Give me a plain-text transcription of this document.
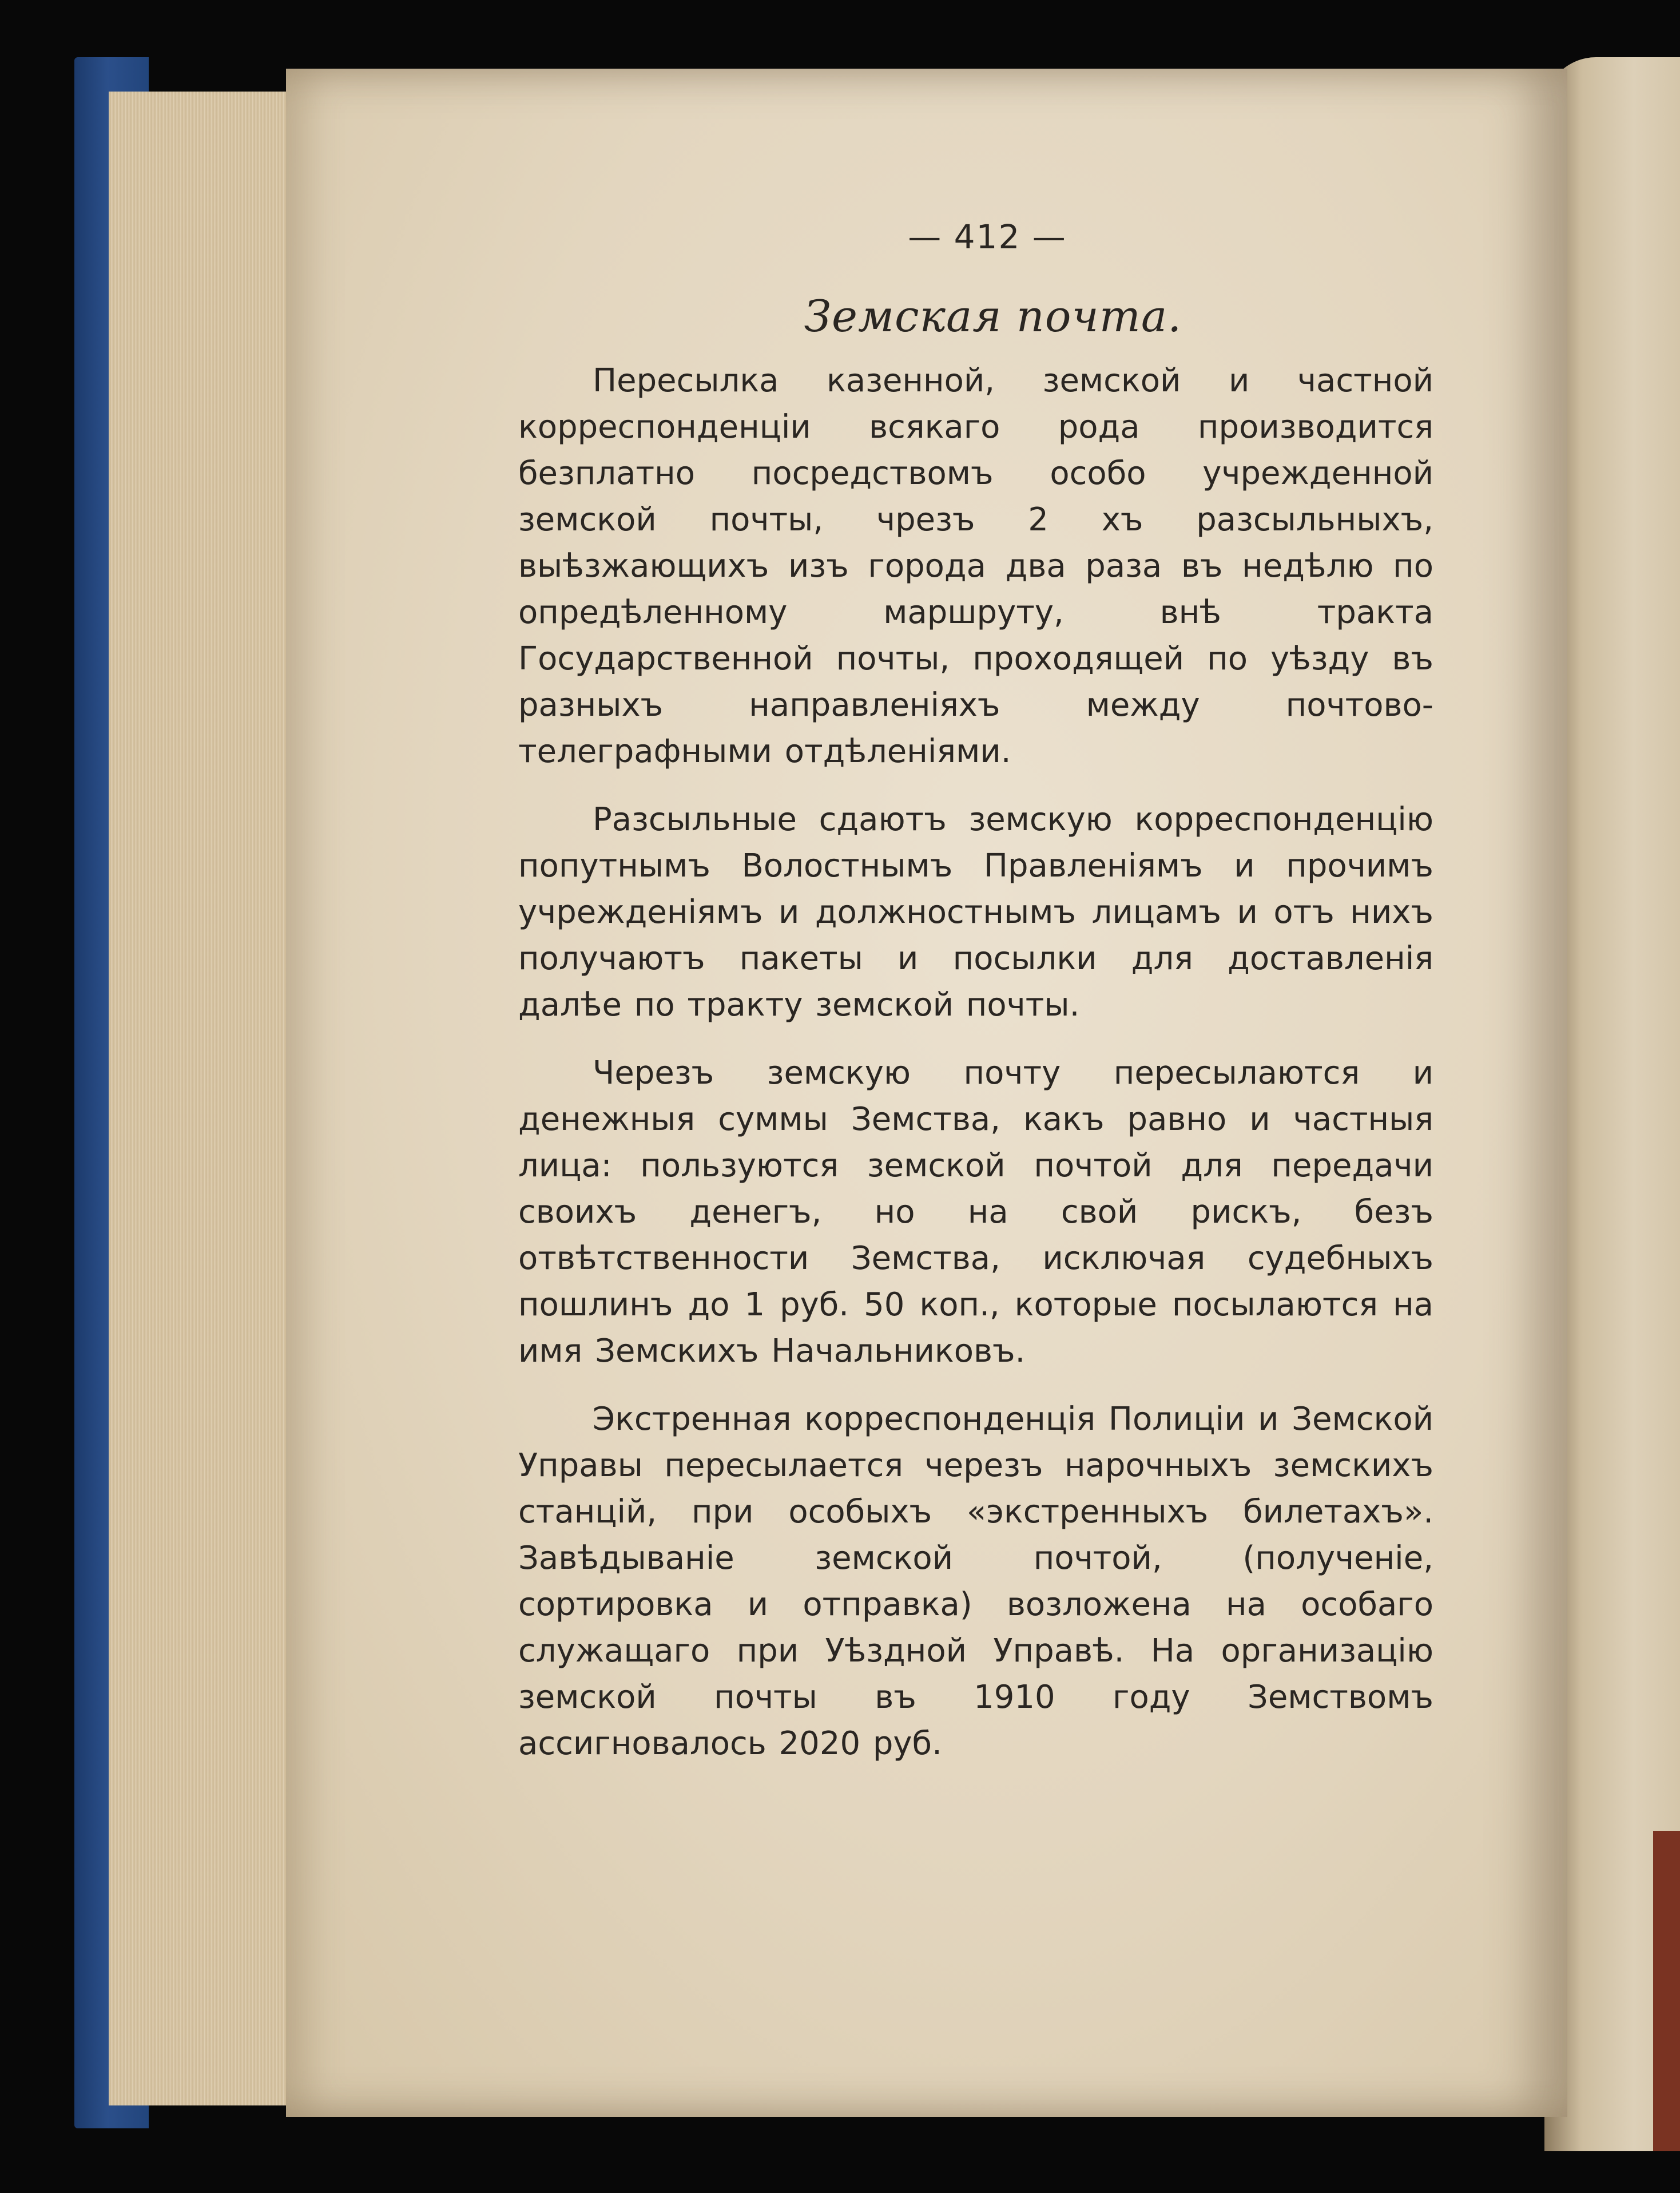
— 412 —
Земская почта.

Пересылка казенной, земской и частной корреспонденціи всякаго рода производится безплатно посредствомъ особо учрежденной земской почты, чрезъ 2 хъ разсыльныхъ, выѣзжающихъ изъ города два раза въ недѣлю по опредѣленному маршруту, внѣ тракта Государственной почты, проходящей по уѣзду въ разныхъ направленіяхъ между почтово-телеграфными отдѣленіями.

Разсыльные сдаютъ земскую корреспонденцію попутнымъ Волостнымъ Правленіямъ и прочимъ учрежденіямъ и должностнымъ лицамъ и отъ нихъ получаютъ пакеты и посылки для доставленія далѣе по тракту земской почты.

Черезъ земскую почту пересылаются и денежныя суммы Земства, какъ равно и частныя лица: пользуются земской почтой для передачи своихъ денегъ, но на свой рискъ, безъ отвѣтственности Земства, исключая судебныхъ пошлинъ до 1 руб. 50 коп., которые посылаются на имя Земскихъ Начальниковъ.

Экстренная корреспонденція Полиціи и Земской Управы пересылается черезъ нарочныхъ земскихъ станцій, при особыхъ «экстренныхъ билетахъ». Завѣдываніе земской почтой, (полученіе, сортировка и отправка) возложена на особаго служащаго при Уѣздной Управѣ. На организацію земской почты въ 1910 году Земствомъ ассигновалось 2020 руб.
